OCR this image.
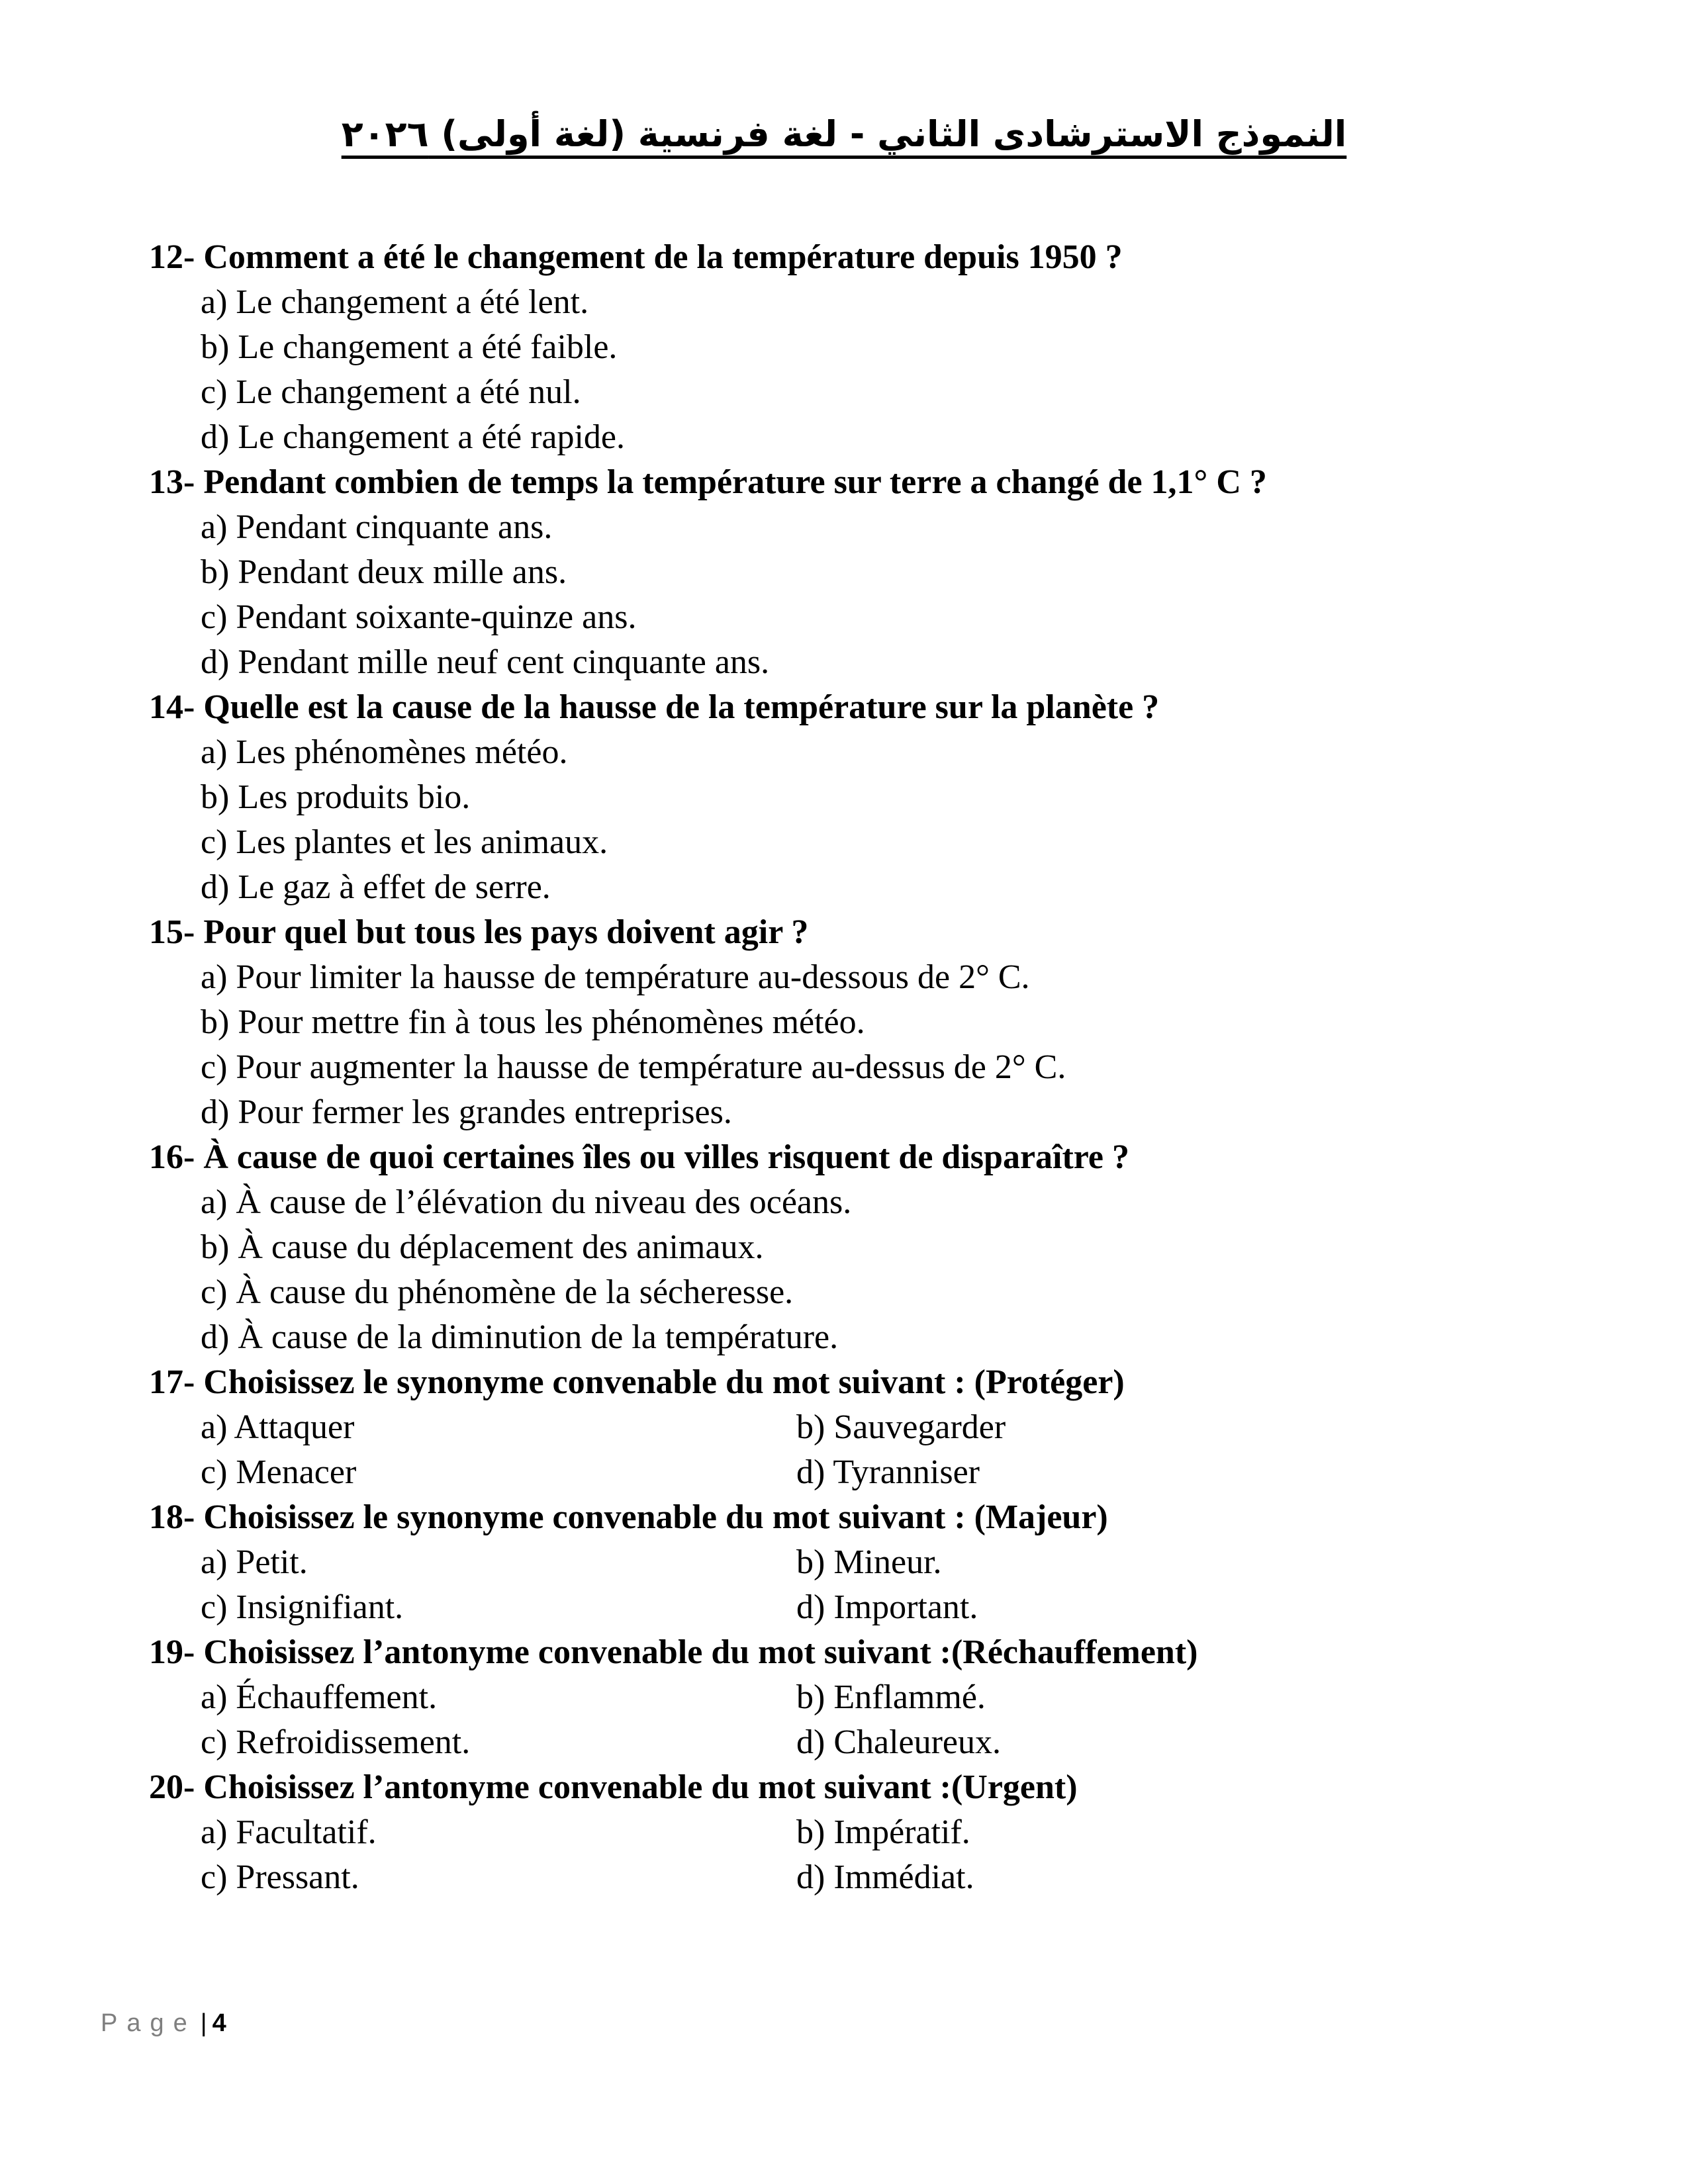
النموذج الاسترشادى الثاني - لغة فرنسية (لغة أولى) ٢٠٢٦
12- Comment a été le changement de la température depuis 1950 ?
a) Le changement a été lent.
b) Le changement a été faible.
c) Le changement a été nul.
d) Le changement a été rapide.
13- Pendant combien de temps la température sur terre a changé de 1,1° C ?
a) Pendant cinquante ans.
b) Pendant deux mille ans.
c) Pendant soixante-quinze ans.
d) Pendant mille neuf cent cinquante ans.
14- Quelle est la cause de la hausse de la température sur la planète ?
a) Les phénomènes météo.
b) Les produits bio.
c) Les plantes et les animaux.
d) Le gaz à effet de serre.
15- Pour quel but tous les pays doivent agir ?
a) Pour limiter la hausse de température au-dessous de 2° C.
b) Pour mettre fin à tous les phénomènes météo.
c) Pour augmenter la hausse de température au-dessus de 2° C.
d) Pour fermer les grandes entreprises.
16- À cause de quoi certaines îles ou villes risquent de disparaître ?
a) À cause de l’élévation du niveau des océans.
b) À cause du déplacement des animaux.
c) À cause du phénomène de la sécheresse.
d) À cause de la diminution de la température.
17- Choisissez le synonyme convenable du mot suivant : (Protéger)
a) Attaquer	b) Sauvegarder
c) Menacer	d) Tyranniser
18- Choisissez le synonyme convenable du mot suivant : (Majeur)
a) Petit.	b) Mineur.
c) Insignifiant.	d) Important.
19- Choisissez l’antonyme convenable du mot suivant :(Réchauffement)
a) Échauffement.	b) Enflammé.
c) Refroidissement.	d) Chaleureux.
20- Choisissez l’antonyme convenable du mot suivant :(Urgent)
a) Facultatif.	b) Impératif.
c) Pressant.	d) Immédiat.
Page | 4
